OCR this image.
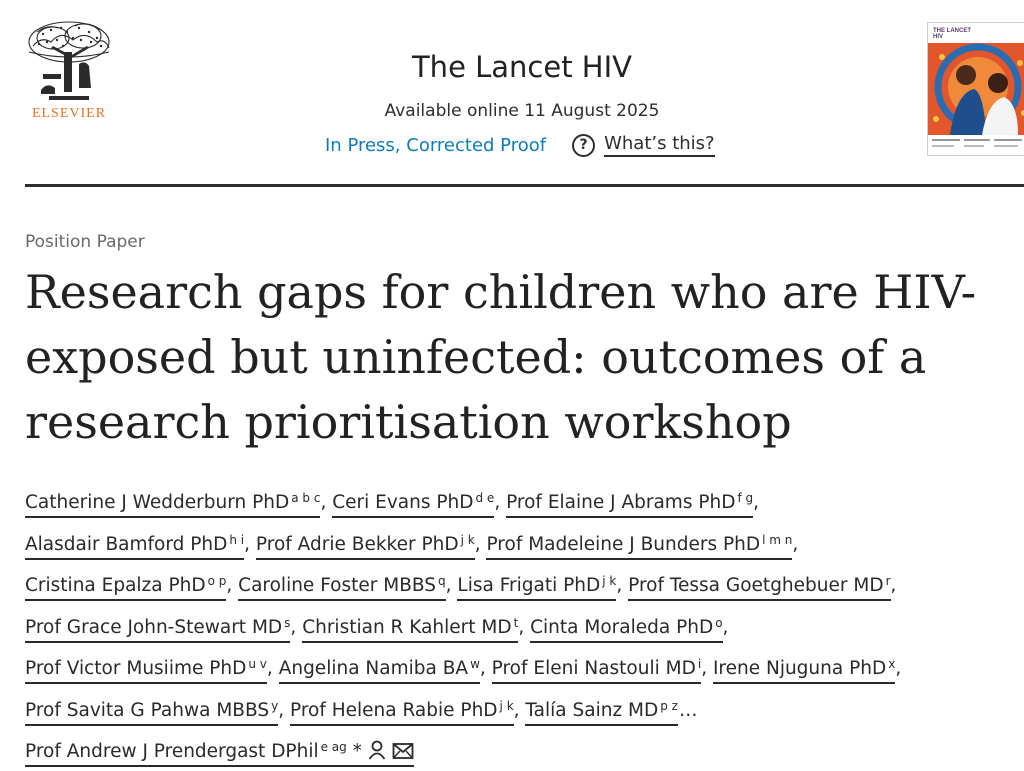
ELSEVIER
The Lancet HIV
Available online 11 August 2025
In Press, Corrected Proof	? What’s this?
THE LANCET
HIV
Position Paper
Research gaps for children who are HIV-exposed but uninfected: outcomes of a research prioritisation workshop
Catherine J Wedderburn PhD $^{a b c}$, Ceri Evans PhD $^{d e}$, Prof Elaine J Abrams PhD $^{f g}$,
Alasdair Bamford PhD $^{h i}$, Prof Adrie Bekker PhD $^{j k}$, Prof Madeleine J Bunders PhD $^{l m n}$,
Cristina Epalza PhD $^{o p}$, Caroline Foster MBBS $^q$, Lisa Frigati PhD $^{j k}$, Prof Tessa Goetghebuer MD $^r$,
Prof Grace John-Stewart MD $^s$, Christian R Kahlert MD $^t$, Cinta Moraleda PhD $^o$,
Prof Victor Musiime PhD $^{u v}$, Angelina Namiba BA $^w$, Prof Eleni Nastouli MD $^i$, Irene Njuguna PhD $^x$,
Prof Savita G Pahwa MBBS $^y$, Prof Helena Rabie PhD $^{j k}$, Talía Sainz MD $^{p z}$…
Prof Andrew J Prendergast DPhil $^{e ag}$ *
